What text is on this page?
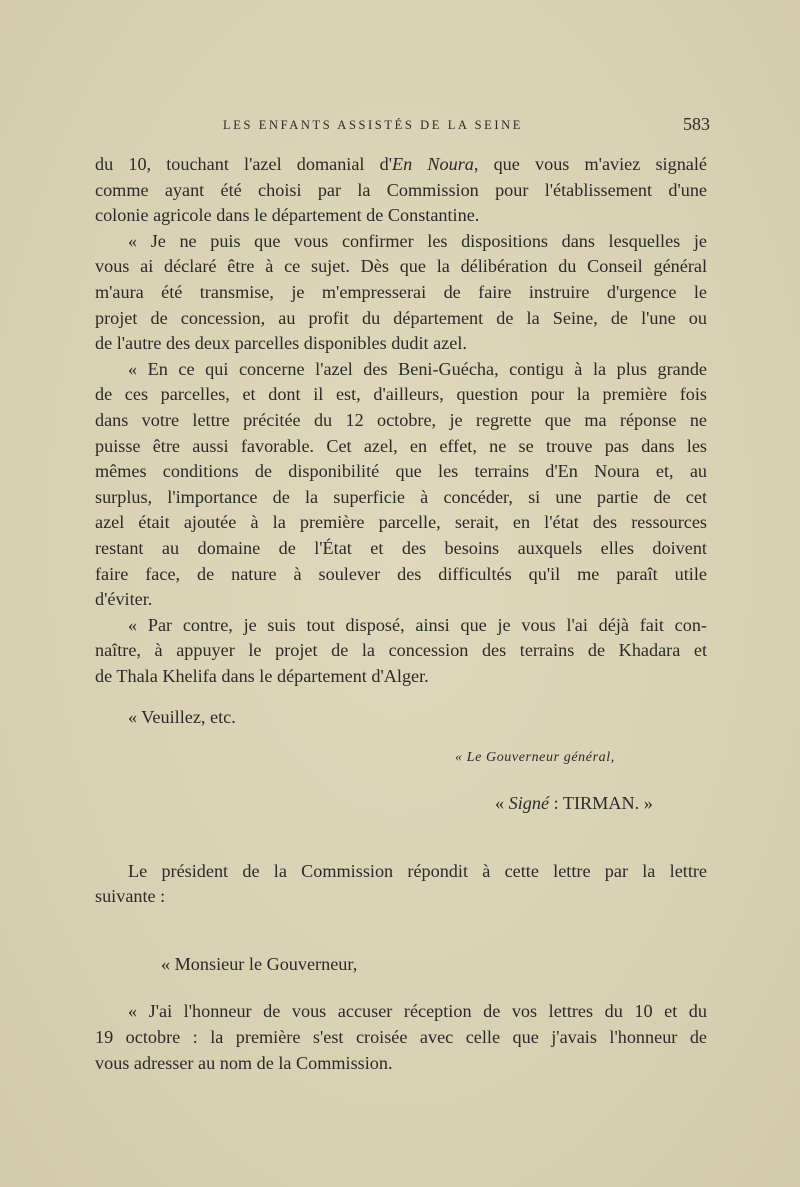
LES ENFANTS ASSISTÉS DE LA SEINE	583
du 10, touchant l'azel domanial d'En Noura, que vous m'aviez signalé
comme ayant été choisi par la Commission pour l'établissement d'une
colonie agricole dans le département de Constantine.
« Je ne puis que vous confirmer les dispositions dans lesquelles je
vous ai déclaré être à ce sujet. Dès que la délibération du Conseil général
m'aura été transmise, je m'empresserai de faire instruire d'urgence le
projet de concession, au profit du département de la Seine, de l'une ou
de l'autre des deux parcelles disponibles dudit azel.
« En ce qui concerne l'azel des Beni-Guécha, contigu à la plus grande
de ces parcelles, et dont il est, d'ailleurs, question pour la première fois
dans votre lettre précitée du 12 octobre, je regrette que ma réponse ne
puisse être aussi favorable. Cet azel, en effet, ne se trouve pas dans les
mêmes conditions de disponibilité que les terrains d'En Noura et, au
surplus, l'importance de la superficie à concéder, si une partie de cet
azel était ajoutée à la première parcelle, serait, en l'état des ressources
restant au domaine de l'État et des besoins auxquels elles doivent
faire face, de nature à soulever des difficultés qu'il me paraît utile
d'éviter.
« Par contre, je suis tout disposé, ainsi que je vous l'ai déjà fait con-
naître, à appuyer le projet de la concession des terrains de Khadara et
de Thala Khelifa dans le département d'Alger.
« Veuillez, etc.
« Le Gouverneur général,
« Signé : TIRMAN. »
Le président de la Commission répondit à cette lettre par la lettre
suivante :
« Monsieur le Gouverneur,
« J'ai l'honneur de vous accuser réception de vos lettres du 10 et du
19 octobre : la première s'est croisée avec celle que j'avais l'honneur de
vous adresser au nom de la Commission.
